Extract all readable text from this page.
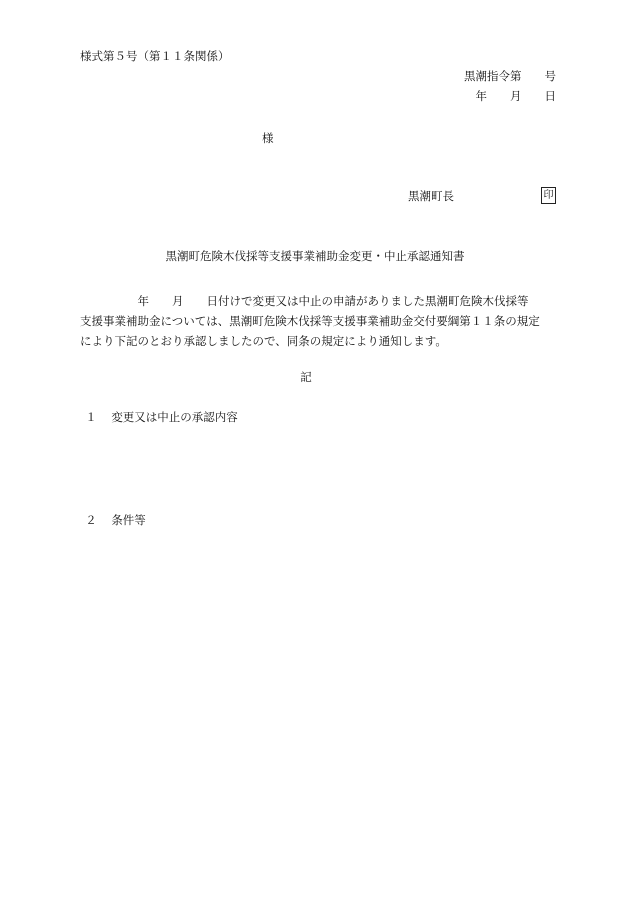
様式第５号（第１１条関係）
黒潮指令第　　号
年　　月　　日
様
黒潮町長	印
黒潮町危険木伐採等支援事業補助金変更・中止承認通知書

　　　　　年　　月　　日付けで変更又は中止の申請がありました黒潮町危険木伐採等

支援事業補助金については、黒潮町危険木伐採等支援事業補助金交付要綱第１１条の規定

により下記のとおり承認しましたので、同条の規定により通知します。

記
１ 変更又は中止の承認内容
２ 条件等
